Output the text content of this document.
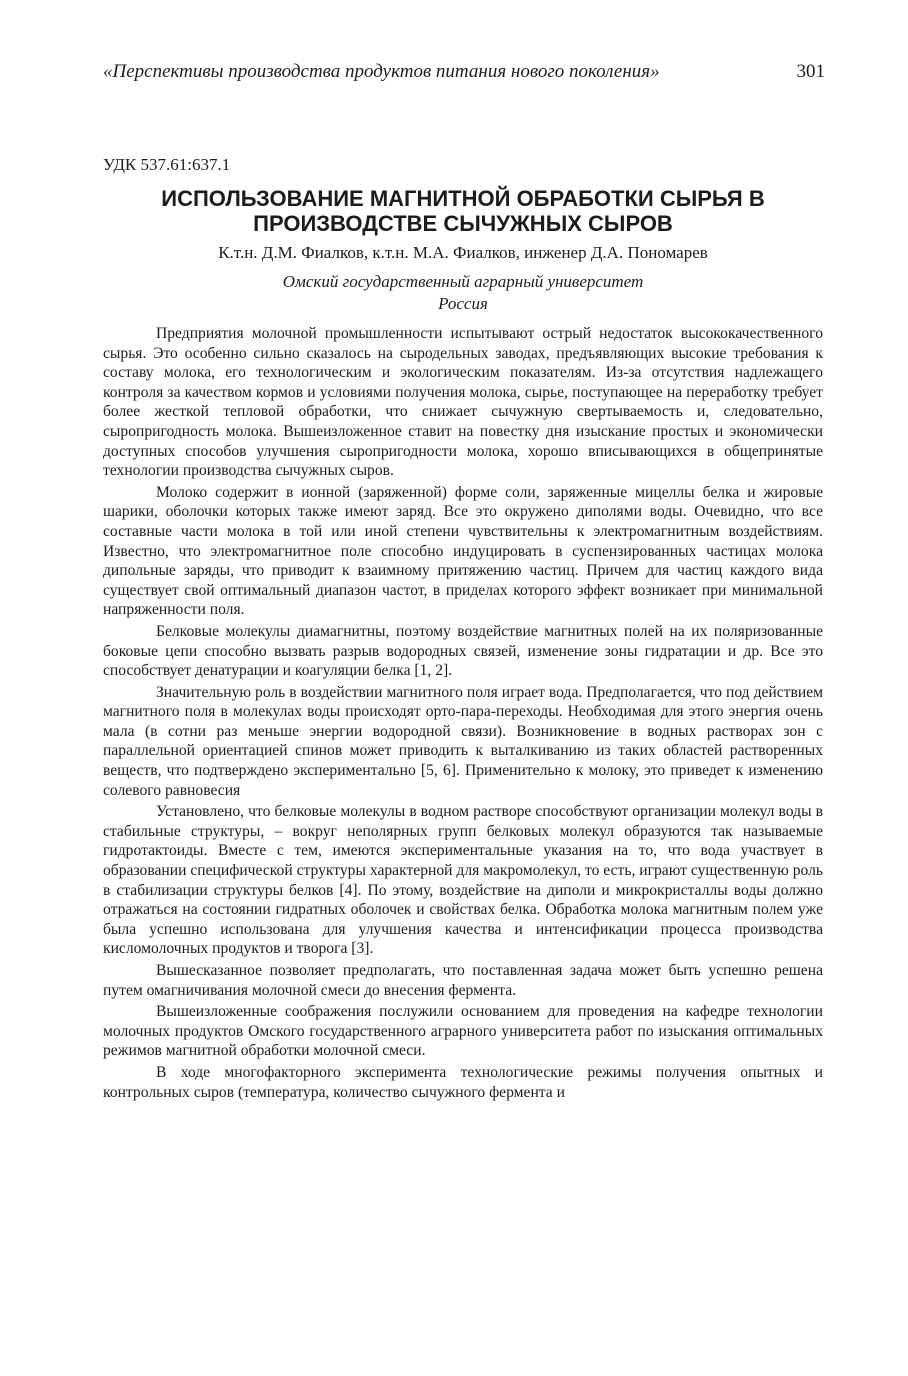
«Перспективы производства продуктов питания нового поколения»	301
УДК 537.61:637.1
ИСПОЛЬЗОВАНИЕ МАГНИТНОЙ ОБРАБОТКИ СЫРЬЯ В
ПРОИЗВОДСТВЕ СЫЧУЖНЫХ СЫРОВ
К.т.н. Д.М. Фиалков, к.т.н. М.А. Фиалков, инженер Д.А. Пономарев
Омский государственный аграрный университет
Россия

Предприятия молочной промышленности испытывают острый недостаток высококачественного сырья. Это особенно сильно сказалось на сыродельных заводах, предъявляющих высокие требования к составу молока, его технологическим и экологическим показателям. Из-за отсутствия надлежащего контроля за качеством кормов и условиями получения молока, сырье, поступающее на переработку требует более жесткой тепловой обработки, что снижает сычужную свертываемость и, следовательно, сыропригодность молока. Вышеизложенное ставит на повестку дня изыскание простых и экономически доступных способов улучшения сыропригодности молока, хорошо вписывающихся в общепринятые технологии производства сычужных сыров.

Молоко содержит в ионной (заряженной) форме соли, заряженные мицеллы белка и жировые шарики, оболочки которых также имеют заряд. Все это окружено диполями воды. Очевидно, что все составные части молока в той или иной степени чувствительны к электромагнитным воздействиям. Известно, что электромагнитное поле способно индуцировать в суспензированных частицах молока дипольные заряды, что приводит к взаимному притяжению частиц. Причем для частиц каждого вида существует свой оптимальный диапазон частот, в приделах которого эффект возникает при минимальной напряженности поля.

Белковые молекулы диамагнитны, поэтому воздействие магнитных полей на их поляризованные боковые цепи способно вызвать разрыв водородных связей, изменение зоны гидратации и др. Все это способствует денатурации и коагуляции белка [1, 2].

Значительную роль в воздействии магнитного поля играет вода. Предполагается, что под действием магнитного поля в молекулах воды происходят орто-пара-переходы. Необходимая для этого энергия очень мала (в сотни раз меньше энергии водородной связи). Возникновение в водных растворах зон с параллельной ориентацией спинов может приводить к выталкиванию из таких областей растворенных веществ, что подтверждено экспериментально [5, 6]. Применительно к молоку, это приведет к изменению солевого равновесия

Установлено, что белковые молекулы в водном растворе способствуют организации молекул воды в стабильные структуры, – вокруг неполярных групп белковых молекул образуются так называемые гидротактоиды. Вместе с тем, имеются экспериментальные указания на то, что вода участвует в образовании специфической структуры характерной для макромолекул, то есть, играют существенную роль в стабилизации структуры белков [4]. По этому, воздействие на диполи и микрокристаллы воды должно отражаться на состоянии гидратных оболочек и свойствах белка. Обработка молока магнитным полем уже была успешно использована для улучшения качества и интенсификации процесса производства кисломолочных продуктов и творога [3].

Вышесказанное позволяет предполагать, что поставленная задача может быть успешно решена путем омагничивания молочной смеси до внесения фермента.

Вышеизложенные соображения послужили основанием для проведения на кафедре технологии молочных продуктов Омского государственного аграрного университета работ по изыскания оптимальных режимов магнитной обработки молочной смеси.

В ходе многофакторного эксперимента технологические режимы получения опытных и контрольных сыров (температура, количество сычужного фермента и
